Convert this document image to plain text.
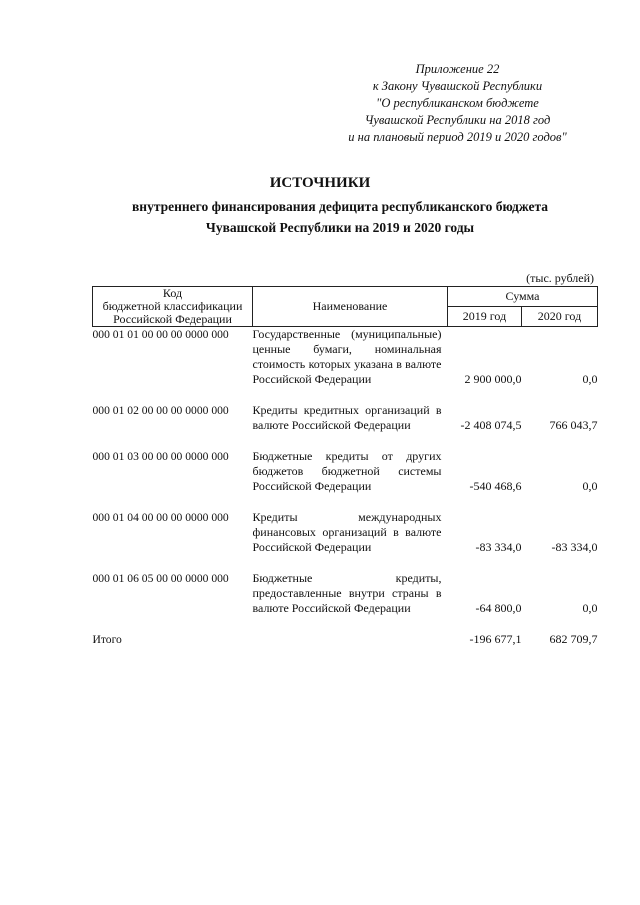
Приложение 22
к Закону Чувашской Республики
"О республиканском бюджете
Чувашской Республики на 2018 год
и на плановый период 2019 и 2020 годов"
ИСТОЧНИКИ
внутреннего финансирования дефицита республиканского бюджета
Чувашской Республики на 2019 и 2020 годы
(тыс. рублей)
Код
бюджетной классификации
Российской Федерации	Наименование	Сумма	
		2019 год	2020 год
000 01 01 00 00 00 0000 000	Государственные (муниципальные) ценные бумаги, номинальная стоимость которых указана в валюте Российской Федерации	2 900 000,0	0,0

000 01 02 00 00 00 0000 000	Кредиты кредитных организаций в валюте Российской Федерации	-2 408 074,5	766 043,7

000 01 03 00 00 00 0000 000	Бюджетные кредиты от других бюджетов бюджетной системы Российской Федерации	-540 468,6	0,0

000 01 04 00 00 00 0000 000	Кредиты международных финансовых организаций в валюте Российской Федерации	-83 334,0	-83 334,0

000 01 06 05 00 00 0000 000	Бюджетные кредиты, предоставленные внутри страны в валюте Российской Федерации	-64 800,0	0,0

Итого		-196 677,1	682 709,7
